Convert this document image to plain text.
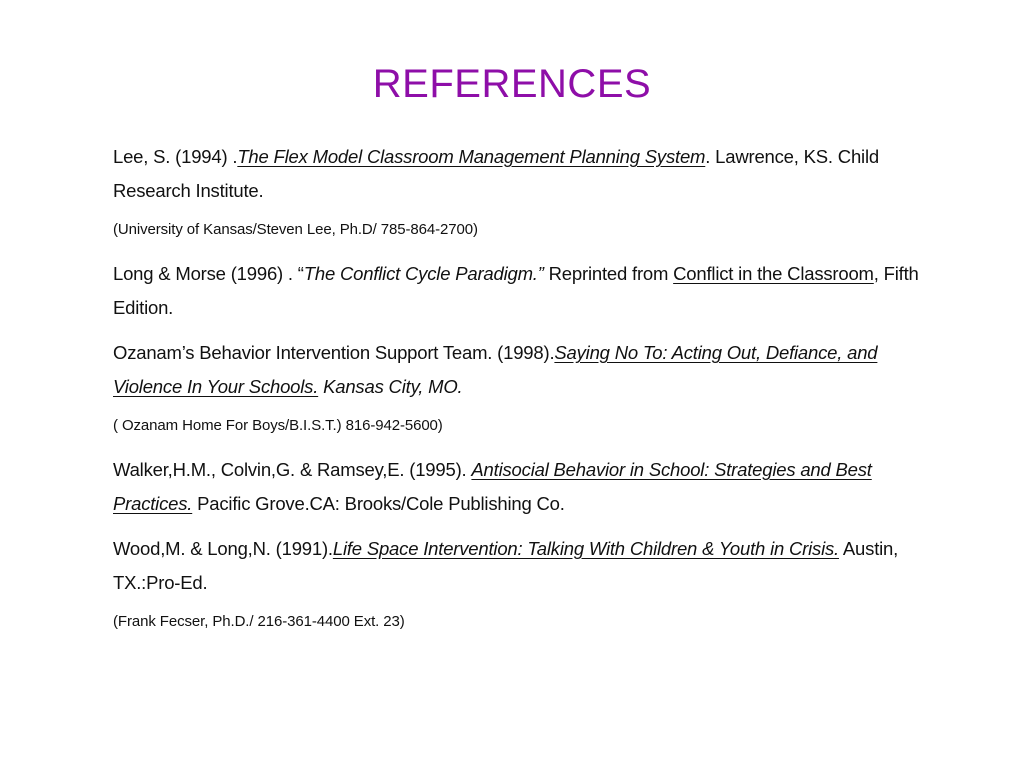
REFERENCES

Lee, S. (1994) .The Flex Model Classroom Management Planning System. Lawrence, KS. Child Research Institute.

(University of Kansas/Steven Lee, Ph.D/ 785-864-2700)

Long & Morse (1996) . “The Conflict Cycle Paradigm.” Reprinted from Conflict in the Classroom, Fifth Edition.

Ozanam’s Behavior Intervention Support Team. (1998).Saying No To: Acting Out, Defiance, and Violence In Your Schools. Kansas City, MO.

( Ozanam Home For Boys/B.I.S.T.) 816-942-5600)

Walker,H.M., Colvin,G. & Ramsey,E. (1995). Antisocial Behavior in School: Strategies and Best Practices. Pacific Grove.CA: Brooks/Cole Publishing Co.

Wood,M. & Long,N. (1991).Life Space Intervention: Talking With Children & Youth in Crisis. Austin, TX.:Pro-Ed.

(Frank Fecser, Ph.D./ 216-361-4400 Ext. 23)
